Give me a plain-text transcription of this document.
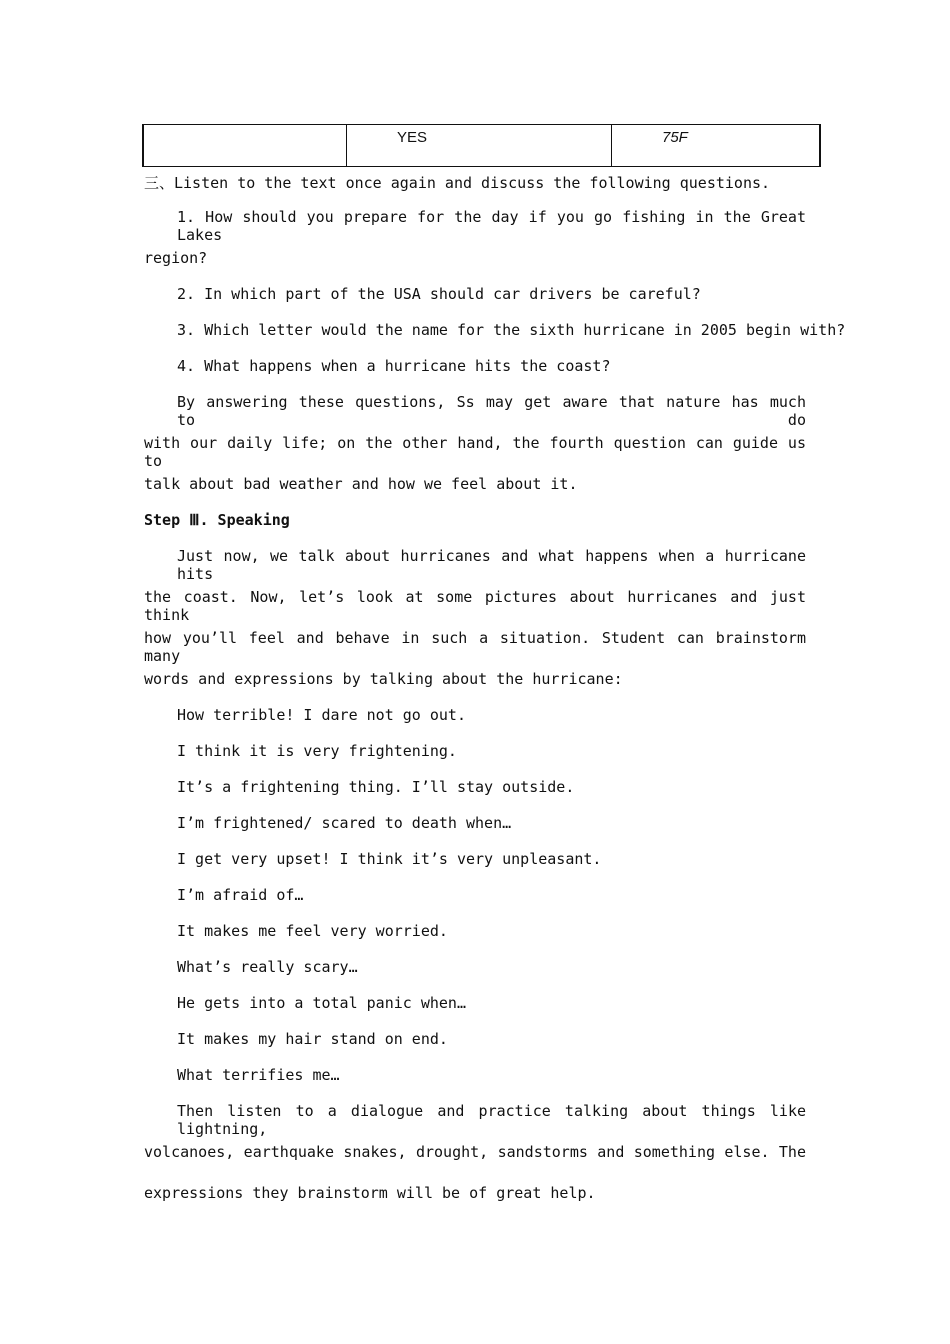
	YES	75F
三、Listen to the text once again and discuss the following questions.
1. How should you prepare for the day if you go fishing in the Great Lakes
region?
2. In which part of the USA should car drivers be careful?
3. Which letter would the name for the sixth hurricane in 2005 begin with?
4. What happens when a hurricane hits the coast?
By answering these questions, Ss may get aware that nature has much to do
with our daily life; on the other hand, the fourth question can guide us to
talk about bad weather and how we feel about it.
Step Ⅲ. Speaking
Just now, we talk about hurricanes and what happens when a hurricane hits
the coast. Now, let’s look at some pictures about hurricanes and just think
how you’ll feel and behave in such a situation. Student can brainstorm many
words and expressions by talking about the hurricane:
How terrible! I dare not go out.
I think it is very frightening.
It’s a frightening thing. I’ll stay outside.
I’m frightened/ scared to death when…
I get very upset! I think it’s very unpleasant.
I’m afraid of…
It makes me feel very worried.
What’s really scary…
He gets into a total panic when…
It makes my hair stand on end.
What terrifies me…
Then listen to a dialogue and practice talking about things like lightning,
volcanoes, earthquake snakes, drought, sandstorms and something else. The
expressions they brainstorm will be of great help.
